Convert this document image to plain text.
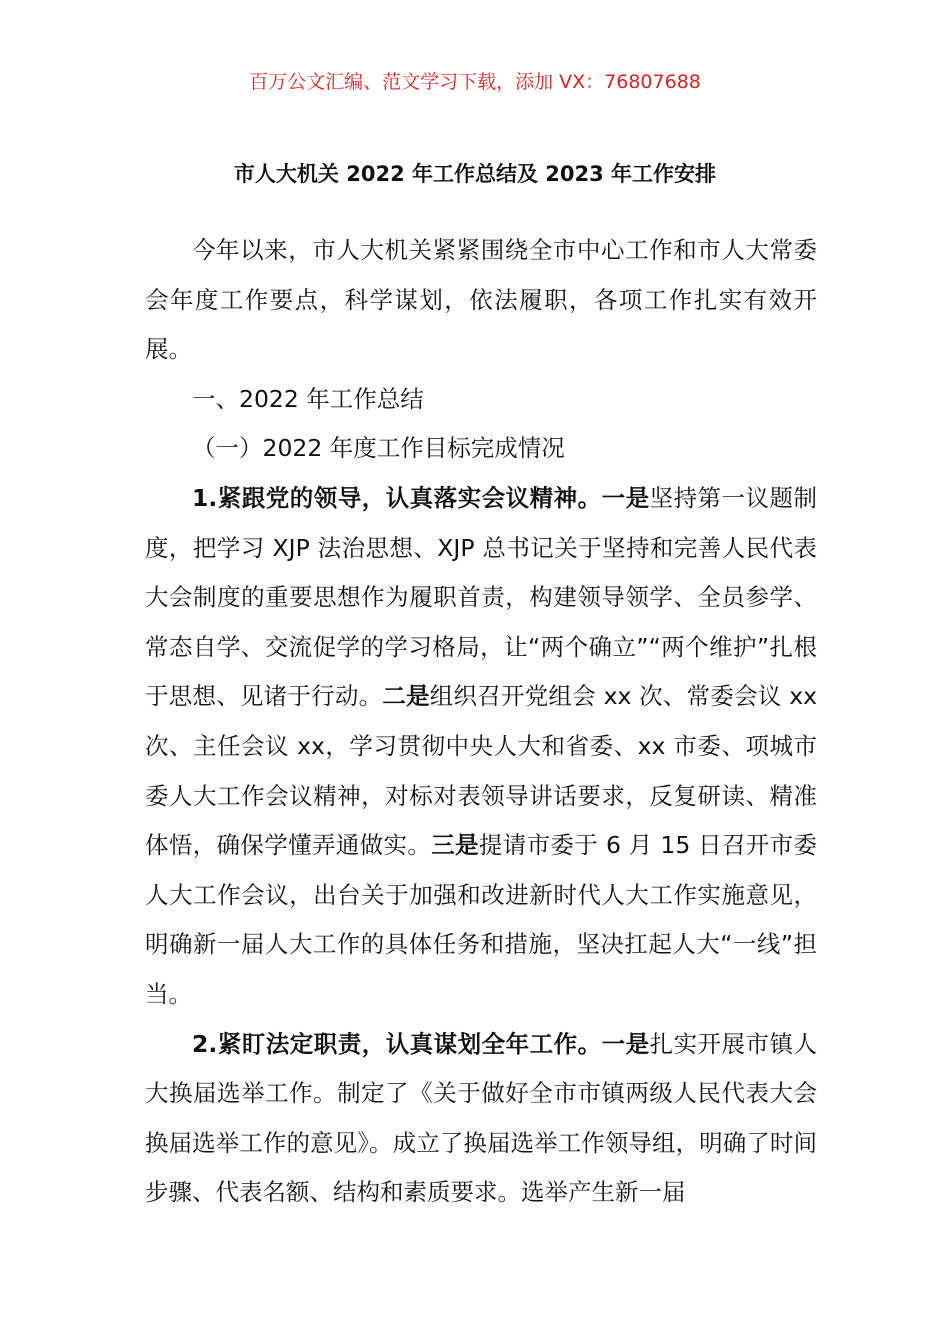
百万公文汇编、范文学习下载，添加 VX：76807688
市人大机关 2022 年工作总结及 2023 年工作安排

今年以来，市人大机关紧紧围绕全市中心工作和市人大常委会年度工作要点，科学谋划，依法履职，各项工作扎实有效开展。

一、2022 年工作总结

（一）2022 年度工作目标完成情况

1.紧跟党的领导，认真落实会议精神。一是坚持第一议题制度，把学习 XJP 法治思想、XJP 总书记关于坚持和完善人民代表大会制度的重要思想作为履职首责，构建领导领学、全员参学、常态自学、交流促学的学习格局，让“两个确立”“两个维护”扎根于思想、见诸于行动。二是组织召开党组会 xx 次、常委会议 xx 次、主任会议 xx，学习贯彻中央人大和省委、xx 市委、项城市委人大工作会议精神，对标对表领导讲话要求，反复研读、精准体悟，确保学懂弄通做实。三是提请市委于 6 月 15 日召开市委人大工作会议，出台关于加强和改进新时代人大工作实施意见，明确新一届人大工作的具体任务和措施，坚决扛起人大“一线”担当。

2.紧盯法定职责，认真谋划全年工作。一是扎实开展市镇人大换届选举工作。制定了《关于做好全市市镇两级人民代表大会换届选举工作的意见》。成立了换届选举工作领导组，明确了时间步骤、代表名额、结构和素质要求。选举产生新一届
